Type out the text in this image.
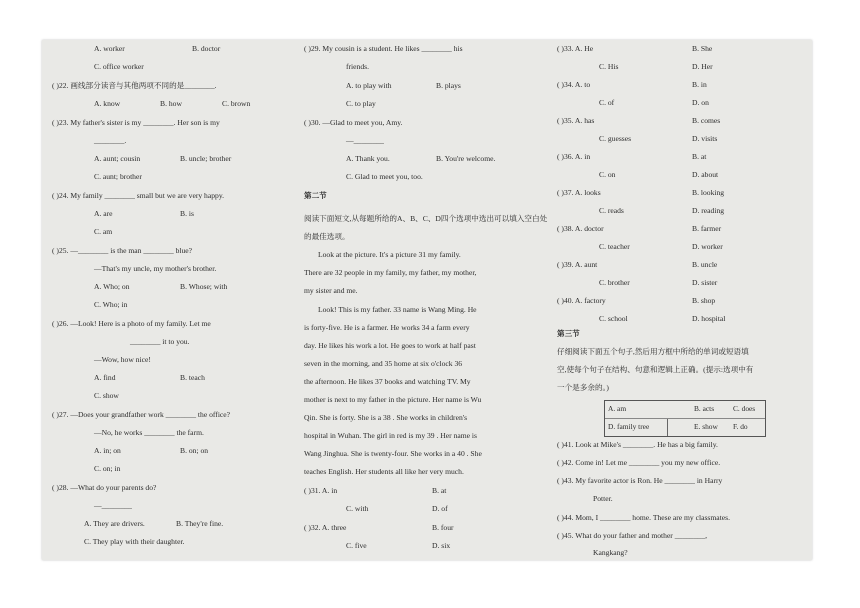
A. worker	B. doctor
C. office worker
( )22. 画线部分读音与其他两项不同的是________.
A. know	B. how	C. brown
( )23. My father's sister is my ________. Her son is my
________.
A. aunt; cousin	B. uncle; brother
C. aunt; brother
( )24. My family ________ small but we are very happy.
A. are	B. is
C. am
( )25. —________ is the man ________ blue?
—That's my uncle, my mother's brother.
A. Who; on	B. Whose; with
C. Who; in
( )26. —Look! Here is a photo of my family. Let me
________ it to you.
—Wow, how nice!
A. find	B. teach
C. show
( )27. —Does your grandfather work ________ the office?
—No, he works ________ the farm.
A. in; on	B. on; on
C. on; in
( )28. —What do your parents do?
—________
A. They are drivers.	B. They're fine.
C. They play with their daughter.
( )29. My cousin is a student. He likes ________ his
friends.
A. to play with	B. plays
C. to play
( )30. —Glad to meet you, Amy.
—________
A. Thank you.	B. You're welcome.
C. Glad to meet you, too.
第二节
阅读下面短文,从每题所给的A、B、C、D四个选项中选出可以填入空白处的最佳选项。
Look at the picture. It's a picture 31 my family.
There are 32 people in my family, my father, my mother,
my sister and me.
Look! This is my father. 33 name is Wang Ming. He
is forty-five. He is a farmer. He works 34 a farm every
day. He likes his work a lot. He goes to work at half past
seven in the morning, and 35 home at six o'clock 36
the afternoon. He likes 37 books and watching TV. My
mother is next to my father in the picture. Her name is Wu
Qin. She is forty. She is a 38 . She works in children's
hospital in Wuhan. The girl in red is my 39 . Her name is
Wang Jinghua. She is twenty-four. She works in a 40 . She
teaches English. Her students all like her very much.
( )31. A. in	B. at
C. with	D. of
( )32. A. three	B. four
C. five	D. six
( )33. A. He	B. She
C. His	D. Her
( )34. A. to	B. in
C. of	D. on
( )35. A. has	B. comes
C. guesses	D. visits
( )36. A. in	B. at
C. on	D. about
( )37. A. looks	B. looking
C. reads	D. reading
( )38. A. doctor	B. farmer
C. teacher	D. worker
( )39. A. aunt	B. uncle
C. brother	D. sister
( )40. A. factory	B. shop
C. school	D. hospital
第三节
仔细阅读下面五个句子,然后用方框中所给的单词或短语填
空,使每个句子在结构、句意和逻辑上正确。(提示:选项中有
一个是多余的。)
A. am	B. acts	C. does
D. family tree	E. show F. do
( )41. Look at Mike's ________. He has a big family.
( )42. Come in! Let me ________ you my new office.
( )43. My favorite actor is Ron. He ________ in Harry
Potter.
( )44. Mom, I ________ home. These are my classmates.
( )45. What do your father and mother ________,
Kangkang?
